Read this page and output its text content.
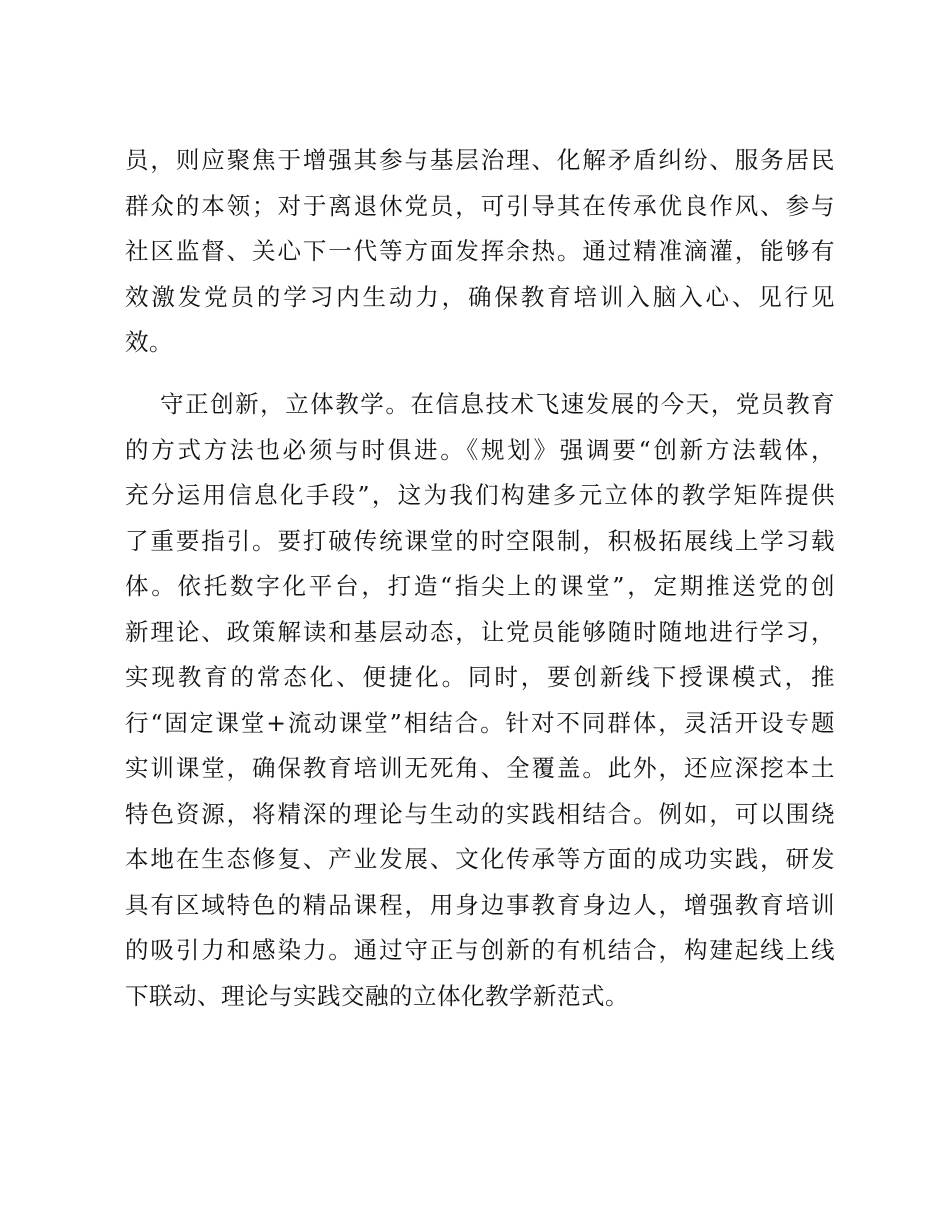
员，则应聚焦于增强其参与基层治理、化解矛盾纠纷、服务居民
群众的本领；对于离退休党员，可引导其在传承优良作风、参与
社区监督、关心下一代等方面发挥余热。通过精准滴灌，能够有
效激发党员的学习内生动力，确保教育培训入脑入心、见行见
效。
守正创新，立体教学。在信息技术飞速发展的今天，党员教育
的方式方法也必须与时俱进。《规划》强调要“创新方法载体，
充分运用信息化手段”，这为我们构建多元立体的教学矩阵提供
了重要指引。要打破传统课堂的时空限制，积极拓展线上学习载
体。依托数字化平台，打造“指尖上的课堂”，定期推送党的创
新理论、政策解读和基层动态，让党员能够随时随地进行学习，
实现教育的常态化、便捷化。同时，要创新线下授课模式，推
行“固定课堂+流动课堂”相结合。针对不同群体，灵活开设专题
实训课堂，确保教育培训无死角、全覆盖。此外，还应深挖本土
特色资源，将精深的理论与生动的实践相结合。例如，可以围绕
本地在生态修复、产业发展、文化传承等方面的成功实践，研发
具有区域特色的精品课程，用身边事教育身边人，增强教育培训
的吸引力和感染力。通过守正与创新的有机结合，构建起线上线
下联动、理论与实践交融的立体化教学新范式。
